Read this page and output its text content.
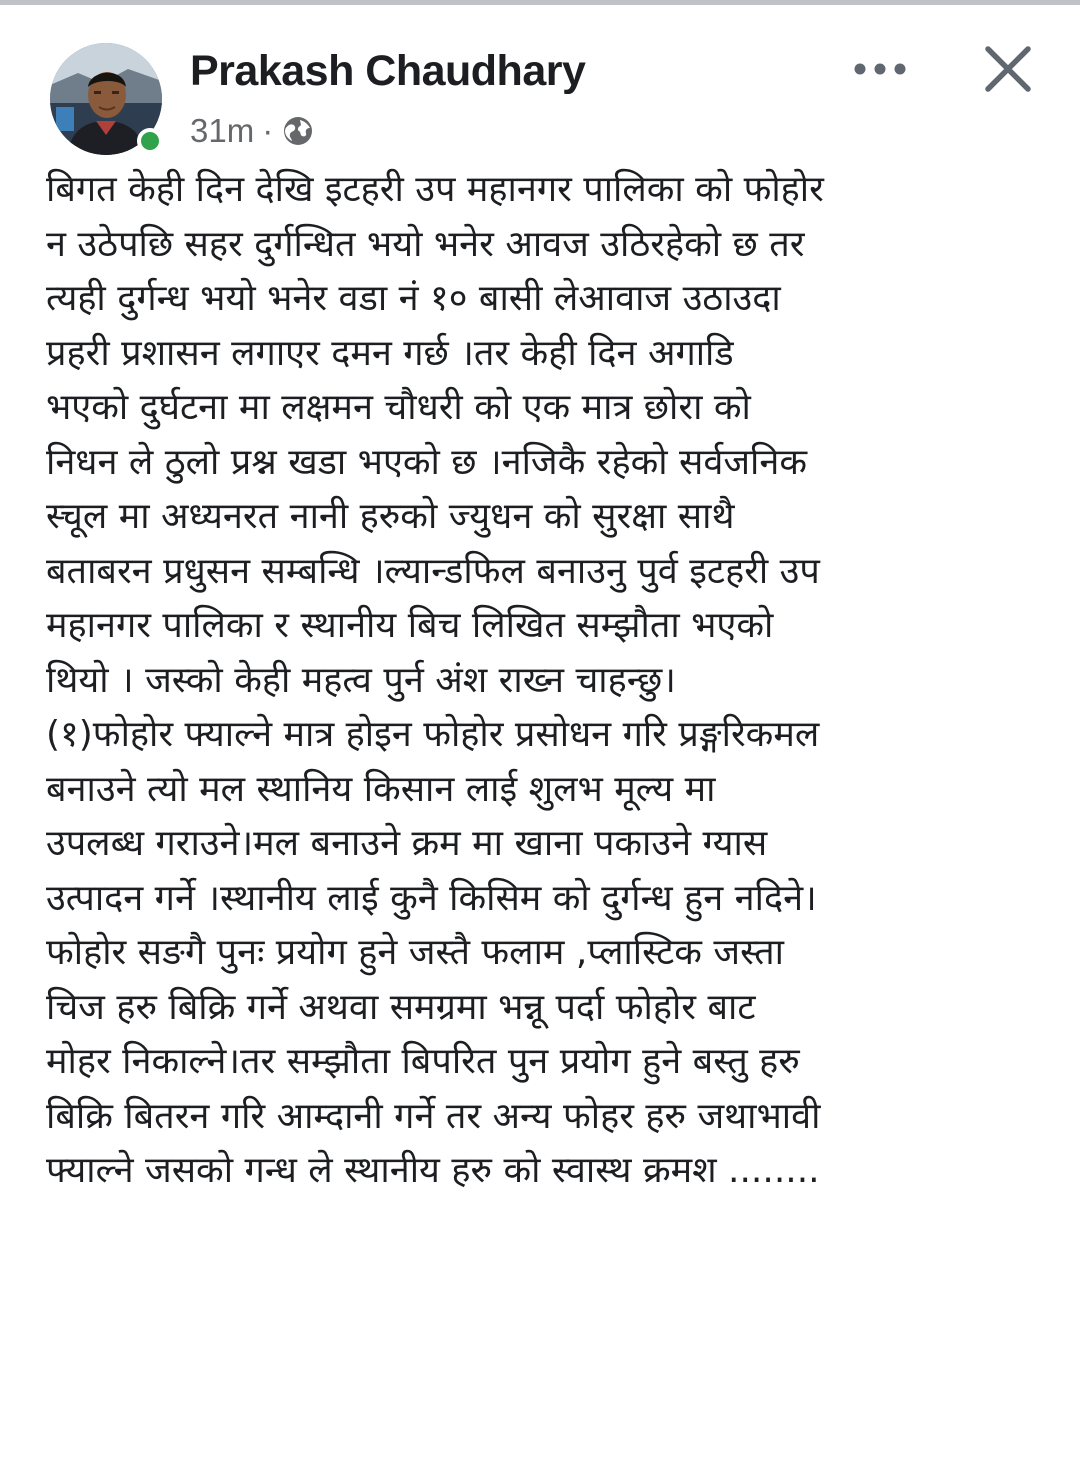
Prakash Chaudhary
31m ·

बिगत केही दिन देखि इटहरी उप महानगर पालिका को फोहोर
न उठेपछि सहर दुर्गन्धित भयो भनेर आवज उठिरहेको छ तर
त्यही दुर्गन्ध भयो भनेर वडा नं १० बासी लेआवाज उठाउदा
प्रहरी प्रशासन लगाएर दमन गर्छ ।तर केही दिन अगाडि
भएको दुर्घटना मा लक्षमन चौधरी को एक मात्र छोरा को
निधन ले ठुलो प्रश्न खडा भएको छ ।नजिकै रहेको सर्वजनिक
स्चूल मा अध्यनरत नानी हरुको ज्युधन को सुरक्षा साथै
बताबरन प्रधुसन सम्बन्धि ।ल्यान्डफिल बनाउनु पुर्व इटहरी उप
महानगर पालिका र स्थानीय बिच लिखित सम्झौता भएको
थियो । जस्को केही महत्व पुर्न अंश राख्न चाहन्छु।
(१)फोहोर फ्याल्ने मात्र होइन फोहोर प्रसोधन गरि प्रङ्गरिकमल
बनाउने त्यो मल स्थानिय किसान लाई शुलभ मूल्य मा
उपलब्ध गराउने।मल बनाउने क्रम मा खाना पकाउने ग्यास
उत्पादन गर्ने ।स्थानीय लाई कुनै किसिम को दुर्गन्ध हुन नदिने।
फोहोर सङगै पुनः प्रयोग हुने जस्तै फलाम ,प्लास्टिक जस्ता
चिज हरु बिक्रि गर्ने अथवा समग्रमा भन्नू पर्दा फोहोर बाट
मोहर निकाल्ने।तर सम्झौता बिपरित पुन प्रयोग हुने बस्तु हरु
बिक्रि बितरन गरि आम्दानी गर्ने तर अन्य फोहर हरु जथाभावी
फ्याल्ने जसको गन्ध ले स्थानीय हरु को स्वास्थ क्रमश ........
